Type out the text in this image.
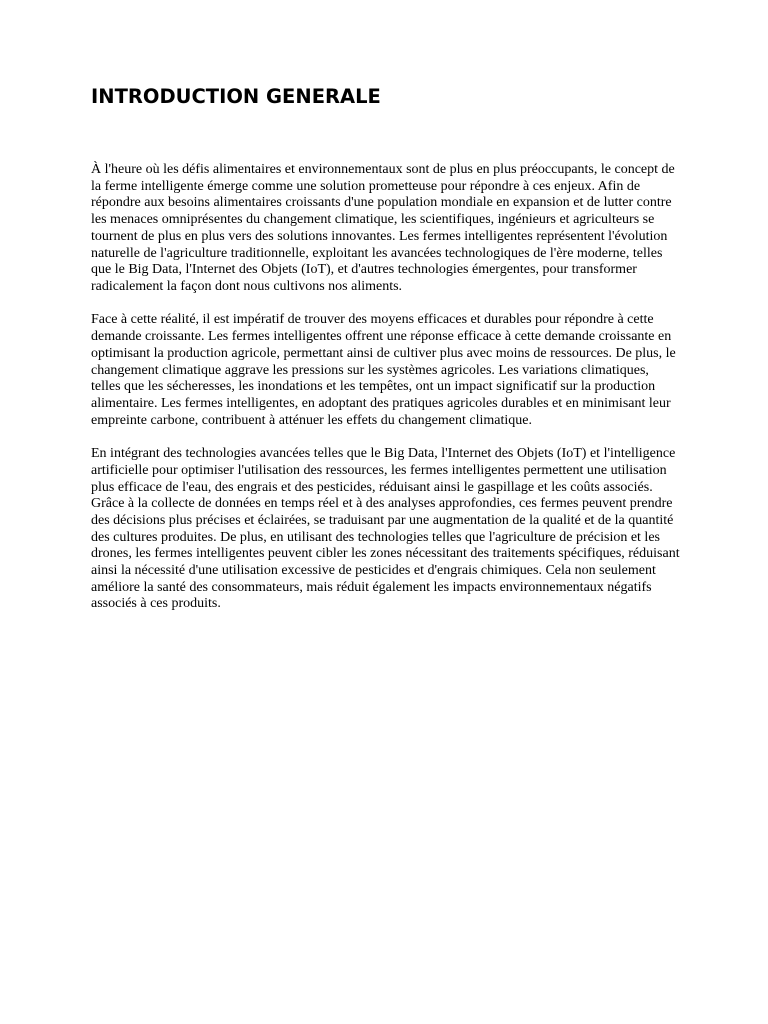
INTRODUCTION GENERALE

À l'heure où les défis alimentaires et environnementaux sont de plus en plus préoccupants, le concept de la ferme intelligente émerge comme une solution prometteuse pour répondre à ces enjeux. Afin de répondre aux besoins alimentaires croissants d'une population mondiale en expansion et de lutter contre les menaces omniprésentes du changement climatique, les scientifiques, ingénieurs et agriculteurs se tournent de plus en plus vers des solutions innovantes. Les fermes intelligentes représentent l'évolution naturelle de l'agriculture traditionnelle, exploitant les avancées technologiques de l'ère moderne, telles que le Big Data, l'Internet des Objets (IoT), et d'autres technologies émergentes, pour transformer radicalement la façon dont nous cultivons nos aliments.

Face à cette réalité, il est impératif de trouver des moyens efficaces et durables pour répondre à cette demande croissante. Les fermes intelligentes offrent une réponse efficace à cette demande croissante en optimisant la production agricole, permettant ainsi de cultiver plus avec moins de ressources. De plus, le changement climatique aggrave les pressions sur les systèmes agricoles. Les variations climatiques, telles que les sécheresses, les inondations et les tempêtes, ont un impact significatif sur la production alimentaire. Les fermes intelligentes, en adoptant des pratiques agricoles durables et en minimisant leur empreinte carbone, contribuent à atténuer les effets du changement climatique.

En intégrant des technologies avancées telles que le Big Data, l'Internet des Objets (IoT) et l'intelligence artificielle pour optimiser l'utilisation des ressources, les fermes intelligentes permettent une utilisation plus efficace de l'eau, des engrais et des pesticides, réduisant ainsi le gaspillage et les coûts associés. Grâce à la collecte de données en temps réel et à des analyses approfondies, ces fermes peuvent prendre des décisions plus précises et éclairées, se traduisant par une augmentation de la qualité et de la quantité des cultures produites. De plus, en utilisant des technologies telles que l'agriculture de précision et les drones, les fermes intelligentes peuvent cibler les zones nécessitant des traitements spécifiques, réduisant ainsi la nécessité d'une utilisation excessive de pesticides et d'engrais chimiques. Cela non seulement améliore la santé des consommateurs, mais réduit également les impacts environnementaux négatifs associés à ces produits.
